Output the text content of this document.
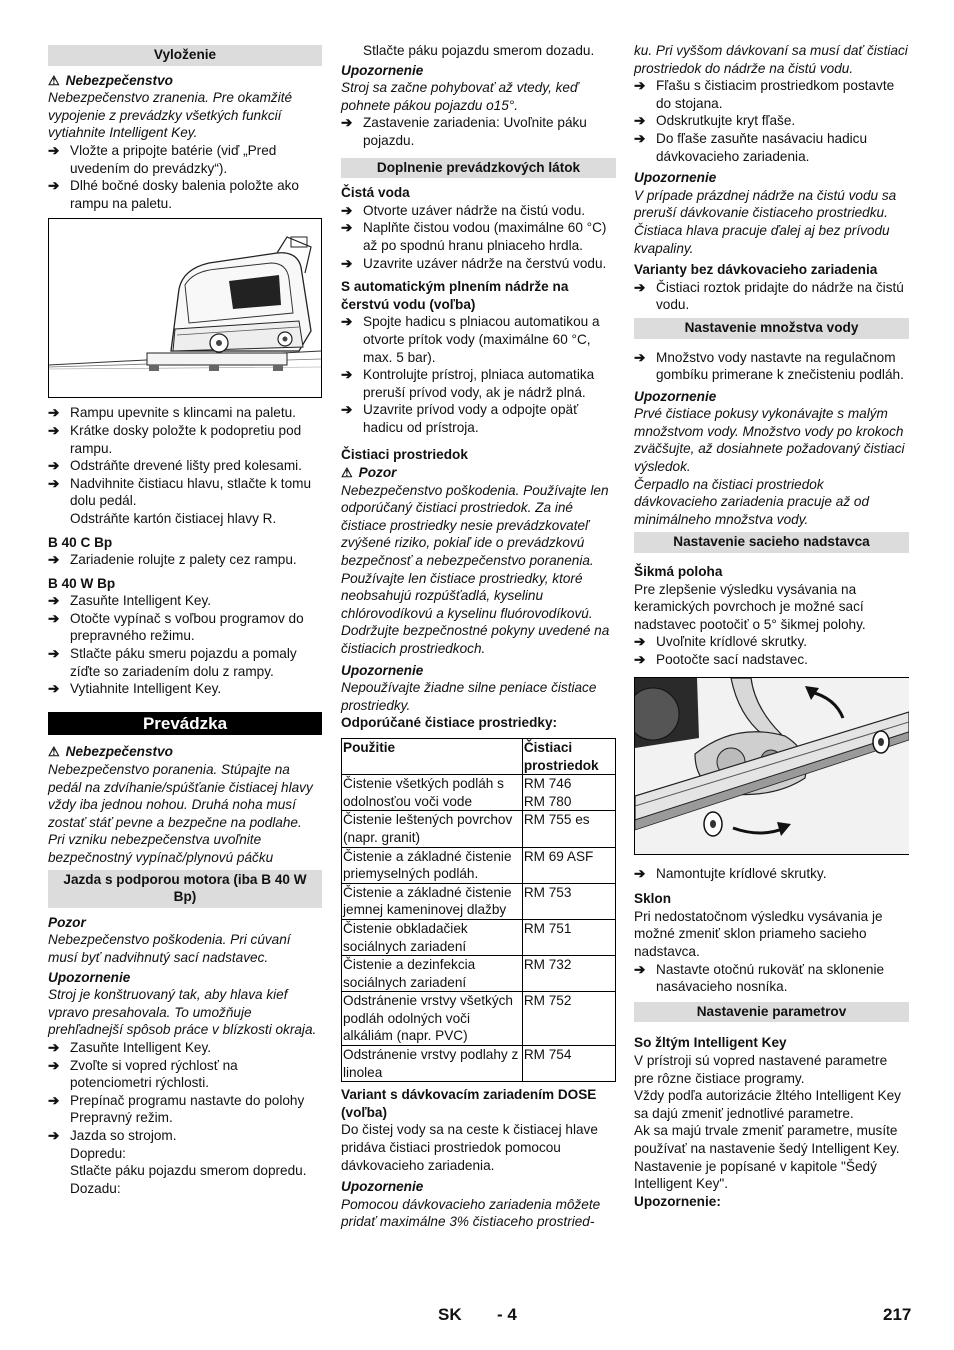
Vyloženie
⚠ Nebezpečenstvo
Nebezpečenstvo zranenia. Pre okamžité vypojenie z prevádzky všetkých funkcií vytiahnite Intelligent Key.
➔ Vložte a pripojte batérie (viď „Pred uvedením do prevádzky“).
➔ Dlhé bočné dosky balenia položte ako rampu na paletu.
➔ Rampu upevnite s klincami na paletu.
➔ Krátke dosky položte k podopretiu pod rampu.
➔ Odstráňte drevené lišty pred kolesami.
➔ Nadvihnite čistiacu hlavu, stlačte k tomu dolu pedál.
Odstráňte kartón čistiacej hlavy R.
B 40 C Bp
➔ Zariadenie rolujte z palety cez rampu.
B 40 W Bp
➔ Zasuňte Intelligent Key.
➔ Otočte vypínač s voľbou programov do prepravného režimu.
➔ Stlačte páku smeru pojazdu a pomaly zíďte so zariadením dolu z rampy.
➔ Vytiahnite Intelligent Key.
Prevádzka
⚠ Nebezpečenstvo
Nebezpečenstvo poranenia. Stúpajte na pedál na zdvíhanie/spúšťanie čistiacej hlavy vždy iba jednou nohou. Druhá noha musí zostať stáť pevne a bezpečne na podlahe.
Pri vzniku nebezpečenstva uvoľnite bezpečnostný vypínač/plynovú páčku
Jazda s podporou motora (iba B 40 W Bp)
Pozor
Nebezpečenstvo poškodenia. Pri cúvaní musí byť nadvihnutý sací nadstavec.
Upozornenie
Stroj je konštruovaný tak, aby hlava kief vpravo presahovala. To umožňuje prehľadnejší spôsob práce v blízkosti okraja.
➔ Zasuňte Intelligent Key.
➔ Zvoľte si vopred rýchlosť na potenciometri rýchlosti.
➔ Prepínač programu nastavte do polohy Prepravný režim.
➔ Jazda so strojom.
Dopredu:
Stlačte páku pojazdu smerom dopredu.
Dozadu:
Stlačte páku pojazdu smerom dozadu.
Upozornenie
Stroj sa začne pohybovať až vtedy, keď pohnete pákou pojazdu o15°.
➔ Zastavenie zariadenia: Uvoľnite páku pojazdu.
Doplnenie prevádzkových látok
Čistá voda
➔ Otvorte uzáver nádrže na čistú vodu.
➔ Naplňte čistou vodou (maximálne 60 °C) až po spodnú hranu plniaceho hrdla.
➔ Uzavrite uzáver nádrže na čerstvú vodu.
S automatickým plnením nádrže na čerstvú vodu (voľba)
➔ Spojte hadicu s plniacou automatikou a otvorte prítok vody (maximálne 60 °C, max. 5 bar).
➔ Kontrolujte prístroj, plniaca automatika preruší prívod vody, ak je nádrž plná.
➔ Uzavrite prívod vody a odpojte opäť hadicu od prístroja.
Čistiaci prostriedok
⚠ Pozor
Nebezpečenstvo poškodenia. Používajte len odporúčaný čistiaci prostriedok. Za iné čistiace prostriedky nesie prevádzkovateľ zvýšené riziko, pokiaľ ide o prevádzkovú bezpečnosť a nebezpečenstvo poranenia. Používajte len čistiace prostriedky, ktoré neobsahujú rozpúšťadlá, kyselinu chlórovodíkovú a kyselinu fluórovodíkovú.
Dodržujte bezpečnostné pokyny uvedené na čistiacich prostriedkoch.
Upozornenie
Nepoužívajte žiadne silne peniace čistiace prostriedky.
Odporúčané čistiace prostriedky:
Použitie	Čistiaci prostriedok
Čistenie všetkých podláh s odolnosťou voči vode	RM 746
RM 780
Čistenie leštených povrchov (napr. granit)	RM 755 es
Čistenie a základné čistenie priemyselných podláh.	RM 69 ASF
Čistenie a základné čistenie jemnej kameninovej dlažby	RM 753
Čistenie obkladačiek sociálnych zariadení	RM 751
Čistenie a dezinfekcia sociálnych zariadení	RM 732
Odstránenie vrstvy všetkých podláh odolných voči alkáliám (napr. PVC)	RM 752
Odstránenie vrstvy podlahy z linolea	RM 754
Variant s dávkovacím zariadením DOSE (voľba)
Do čistej vody sa na ceste k čistiacej hlave pridáva čistiaci prostriedok pomocou dávkovacieho zariadenia.
Upozornenie
Pomocou dávkovacieho zariadenia môžete pridať maximálne 3% čistiaceho prostried-
ku. Pri vyššom dávkovaní sa musí dať čistiaci prostriedok do nádrže na čistú vodu.
➔ Fľašu s čistiacim prostriedkom postavte do stojana.
➔ Odskrutkujte kryt fľaše.
➔ Do fľaše zasuňte nasávaciu hadicu dávkovacieho zariadenia.
Upozornenie
V prípade prázdnej nádrže na čistú vodu sa preruší dávkovanie čistiaceho prostriedku. Čistiaca hlava pracuje ďalej aj bez prívodu kvapaliny.
Varianty bez dávkovacieho zariadenia
➔ Čistiaci roztok pridajte do nádrže na čistú vodu.
Nastavenie množstva vody
➔ Množstvo vody nastavte na regulačnom gombíku primerane k znečisteniu podláh.
Upozornenie
Prvé čistiace pokusy vykonávajte s malým množstvom vody. Množstvo vody po krokoch zväčšujte, až dosiahnete požadovaný čistiaci výsledok.
Čerpadlo na čistiaci prostriedok dávkovacieho zariadenia pracuje až od minimálneho množstva vody.
Nastavenie sacieho nadstavca
Šikmá poloha
Pre zlepšenie výsledku vysávania na keramických povrchoch je možné sací nadstavec pootočiť o 5° šikmej polohy.
➔ Uvoľnite krídlové skrutky.
➔ Pootočte sací nadstavec.
➔ Namontujte krídlové skrutky.
Sklon
Pri nedostatočnom výsledku vysávania je možné zmeniť sklon priameho sacieho nadstavca.
➔ Nastavte otočnú rukoväť na sklonenie nasávacieho nosníka.
Nastavenie parametrov
So žltým Intelligent Key
V prístroji sú vopred nastavené parametre pre rôzne čistiace programy.
Vždy podľa autorizácie žltého Intelligent Key sa dajú zmeniť jednotlivé parametre.
Ak sa majú trvale zmeniť parametre, musíte používať na nastavenie šedý Intelligent Key. Nastavenie je popísané v kapitole "Šedý Intelligent Key".
Upozornenie:
SK - 4	217
